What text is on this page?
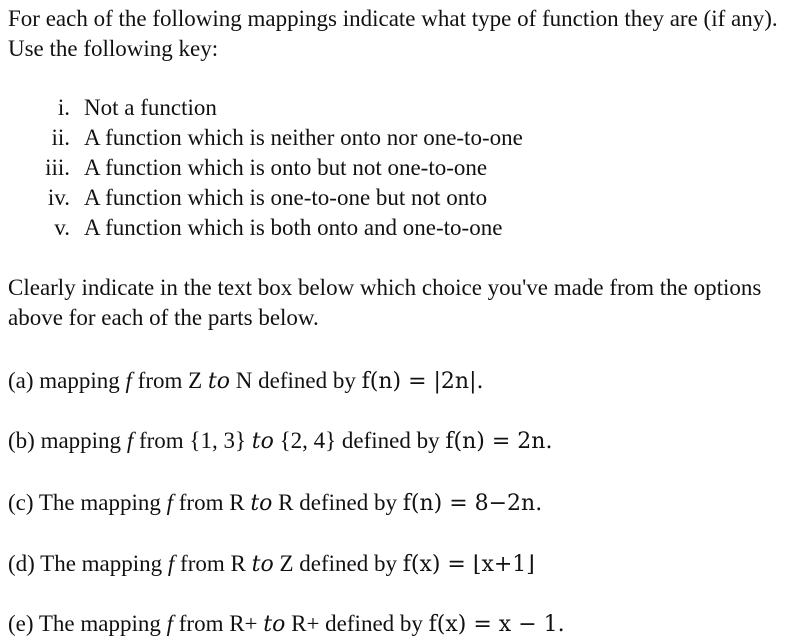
For each of the following mappings indicate what type of function they are (if any). Use the following key:
i. Not a function
ii. A function which is neither onto nor one-to-one
iii. A function which is onto but not one-to-one
iv. A function which is one-to-one but not onto
v. A function which is both onto and one-to-one
Clearly indicate in the text box below which choice you've made from the options above for each of the parts below.
(a) mapping f from Z to N defined by f(n) = |2n|.
(b) mapping f from {1, 3} to {2, 4} defined by f(n) = 2n.
(c) The mapping f from R to R defined by f(n) = 8−2n.
(d) The mapping f from R to Z defined by f(x) = ⌊x+1⌋
(e) The mapping f from R+ to R+ defined by f(x) = x − 1.
